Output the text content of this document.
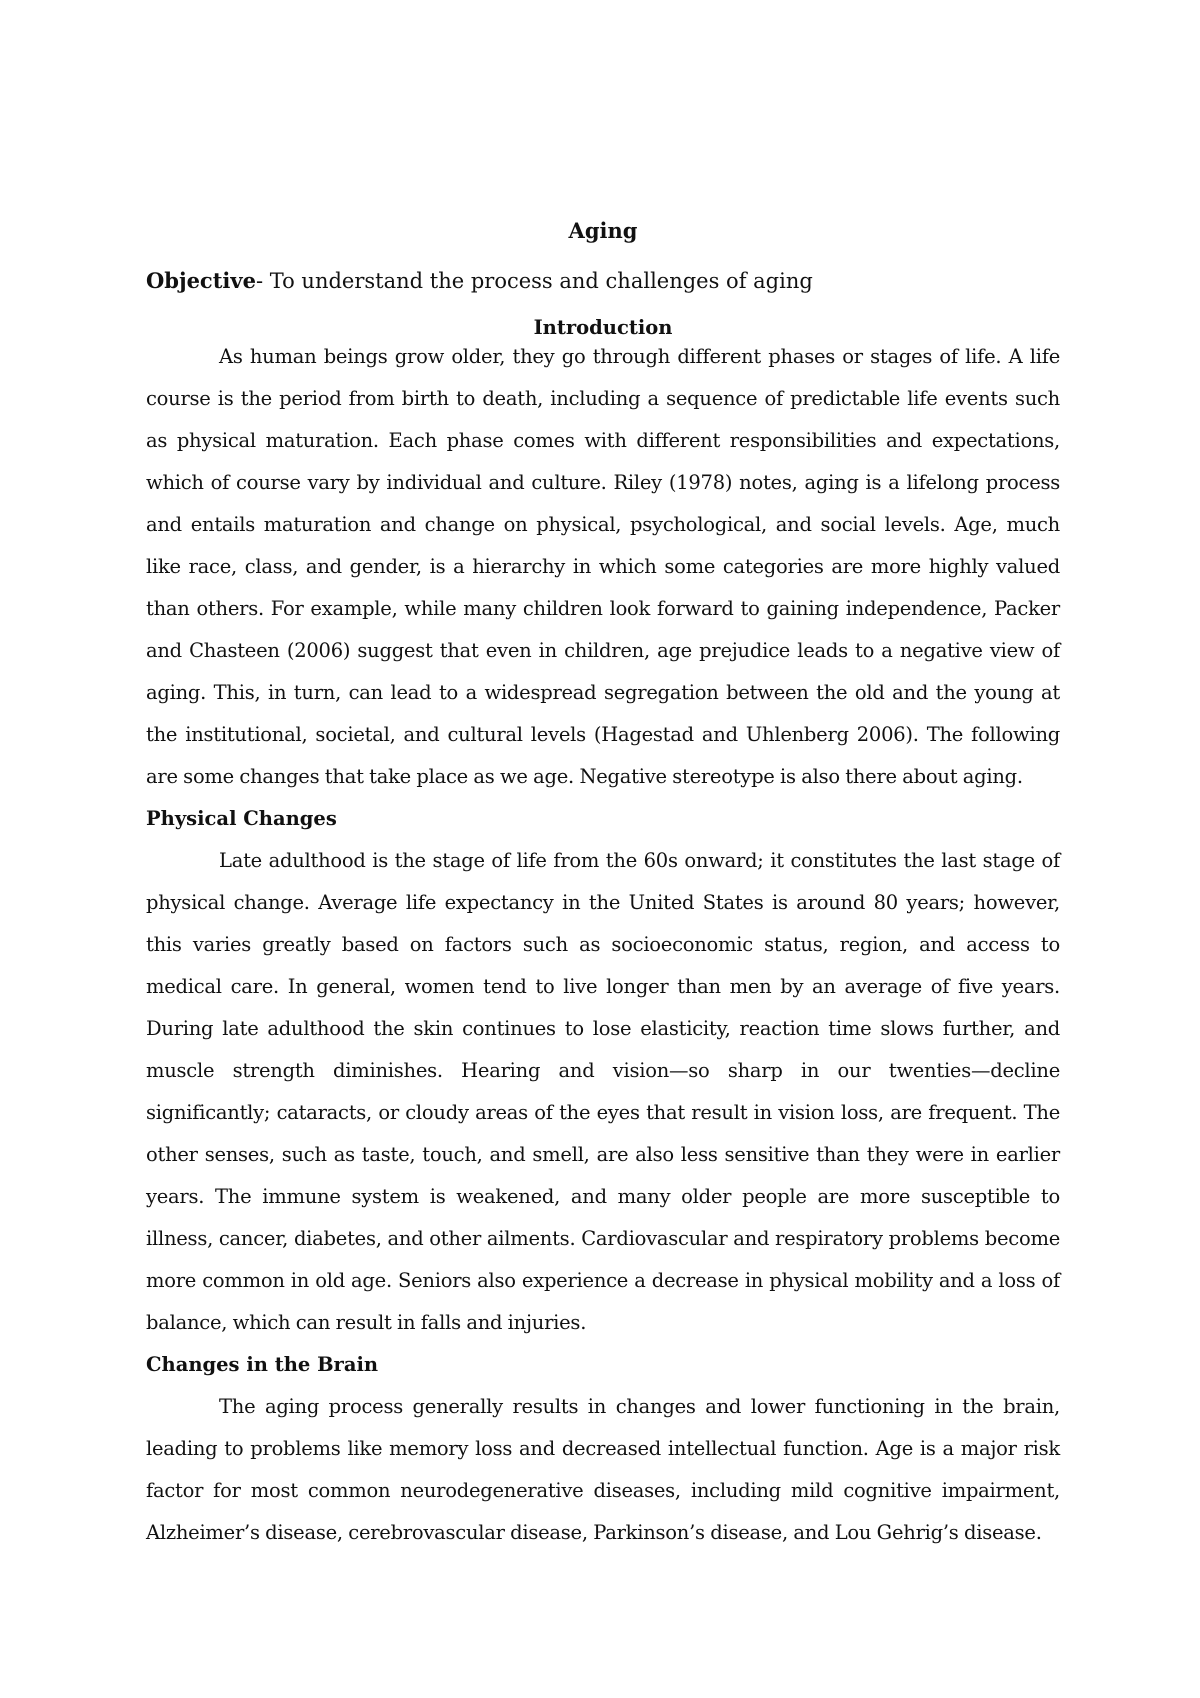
Aging
Objective- To understand the process and challenges of aging
Introduction

As human beings grow older, they go through different phases or stages of life. A life course is the period from birth to death, including a sequence of predictable life events such as physical maturation. Each phase comes with different responsibilities and expectations, which of course vary by individual and culture. Riley (1978) notes, aging is a lifelong process and entails maturation and change on physical, psychological, and social levels. Age, much like race, class, and gender, is a hierarchy in which some categories are more highly valued than others. For example, while many children look forward to gaining independence, Packer and Chasteen (2006) suggest that even in children, age prejudice leads to a negative view of aging. This, in turn, can lead to a widespread segregation between the old and the young at the institutional, societal, and cultural levels (Hagestad and Uhlenberg 2006). The following are some changes that take place as we age. Negative stereotype is also there about aging.

Physical Changes

Late adulthood is the stage of life from the 60s onward; it constitutes the last stage of physical change. Average life expectancy in the United States is around 80 years; however, this varies greatly based on factors such as socioeconomic status, region, and access to medical care. In general, women tend to live longer than men by an average of five years. During late adulthood the skin continues to lose elasticity, reaction time slows further, and muscle strength diminishes. Hearing and vision—so sharp in our twenties—decline significantly; cataracts, or cloudy areas of the eyes that result in vision loss, are frequent. The other senses, such as taste, touch, and smell, are also less sensitive than they were in earlier years. The immune system is weakened, and many older people are more susceptible to illness, cancer, diabetes, and other ailments. Cardiovascular and respiratory problems become more common in old age. Seniors also experience a decrease in physical mobility and a loss of balance, which can result in falls and injuries.

Changes in the Brain

The aging process generally results in changes and lower functioning in the brain, leading to problems like memory loss and decreased intellectual function. Age is a major risk factor for most common neurodegenerative diseases, including mild cognitive impairment, Alzheimer’s disease, cerebrovascular disease, Parkinson’s disease, and Lou Gehrig’s disease.
